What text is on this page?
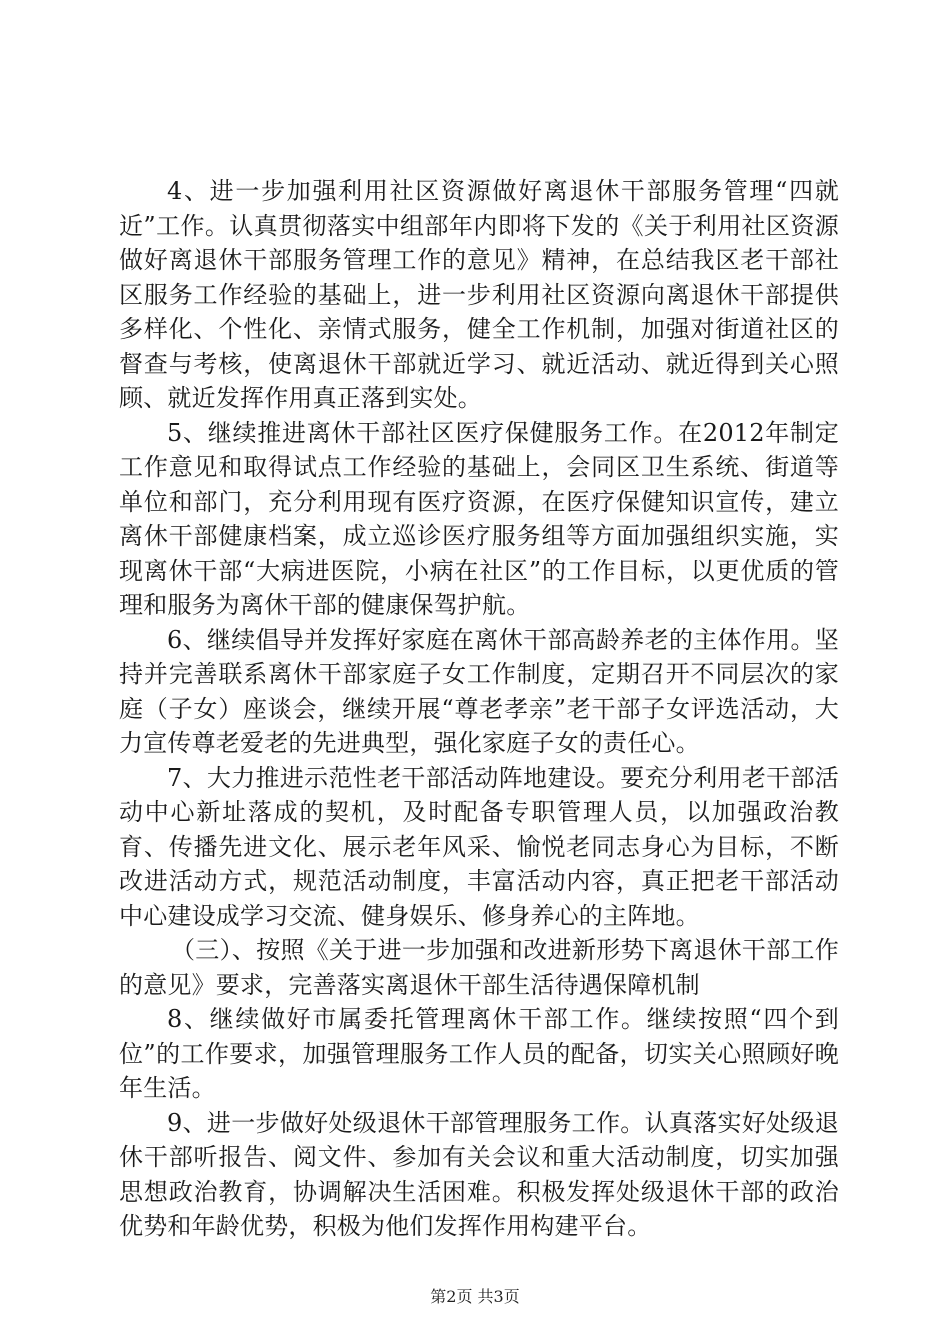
4、进一步加强利用社区资源做好离退休干部服务管理“四就近”工作。认真贯彻落实中组部年内即将下发的《关于利用社区资源做好离退休干部服务管理工作的意见》精神，在总结我区老干部社区服务工作经验的基础上，进一步利用社区资源向离退休干部提供多样化、个性化、亲情式服务，健全工作机制，加强对街道社区的督查与考核，使离退休干部就近学习、就近活动、就近得到关心照顾、就近发挥作用真正落到实处。

5、继续推进离休干部社区医疗保健服务工作。在2012年制定工作意见和取得试点工作经验的基础上，会同区卫生系统、街道等单位和部门，充分利用现有医疗资源，在医疗保健知识宣传，建立离休干部健康档案，成立巡诊医疗服务组等方面加强组织实施，实现离休干部“大病进医院，小病在社区”的工作目标，以更优质的管理和服务为离休干部的健康保驾护航。

6、继续倡导并发挥好家庭在离休干部高龄养老的主体作用。坚持并完善联系离休干部家庭子女工作制度，定期召开不同层次的家庭（子女）座谈会，继续开展“尊老孝亲”老干部子女评选活动，大力宣传尊老爱老的先进典型，强化家庭子女的责任心。

7、大力推进示范性老干部活动阵地建设。要充分利用老干部活动中心新址落成的契机，及时配备专职管理人员，以加强政治教育、传播先进文化、展示老年风采、愉悦老同志身心为目标，不断改进活动方式，规范活动制度，丰富活动内容，真正把老干部活动中心建设成学习交流、健身娱乐、修身养心的主阵地。

（三）、按照《关于进一步加强和改进新形势下离退休干部工作的意见》要求，完善落实离退休干部生活待遇保障机制

8、继续做好市属委托管理离休干部工作。继续按照“四个到位”的工作要求，加强管理服务工作人员的配备，切实关心照顾好晚年生活。

9、进一步做好处级退休干部管理服务工作。认真落实好处级退休干部听报告、阅文件、参加有关会议和重大活动制度，切实加强思想政治教育，协调解决生活困难。积极发挥处级退休干部的政治优势和年龄优势，积极为他们发挥作用构建平台。

第2页 共3页
